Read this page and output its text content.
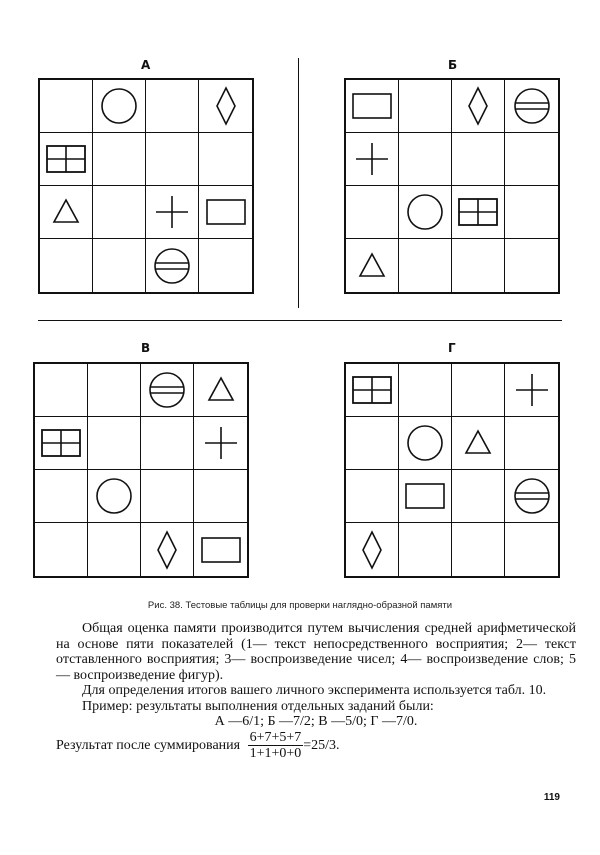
А	Б
В	Г
Рис. 38. Тестовые таблицы для проверки наглядно-образной памяти

Общая оценка памяти производится путем вычисления средней арифметической на основе пяти показателей (1— текст непосредственного восприятия; 2— текст отставленного восприятия; 3— воспроизведение чисел; 4— воспроизведение слов; 5— воспроизведение фигур).

Для определения итогов вашего личного эксперимента используется табл. 10.

Пример: результаты выполнения отдельных заданий были:

А —6/1; Б —7/2; В —5/0; Г —7/0.

Результат после суммирования $\frac{6+7+5+7}{1+1+0+0} =25/3$.

119
